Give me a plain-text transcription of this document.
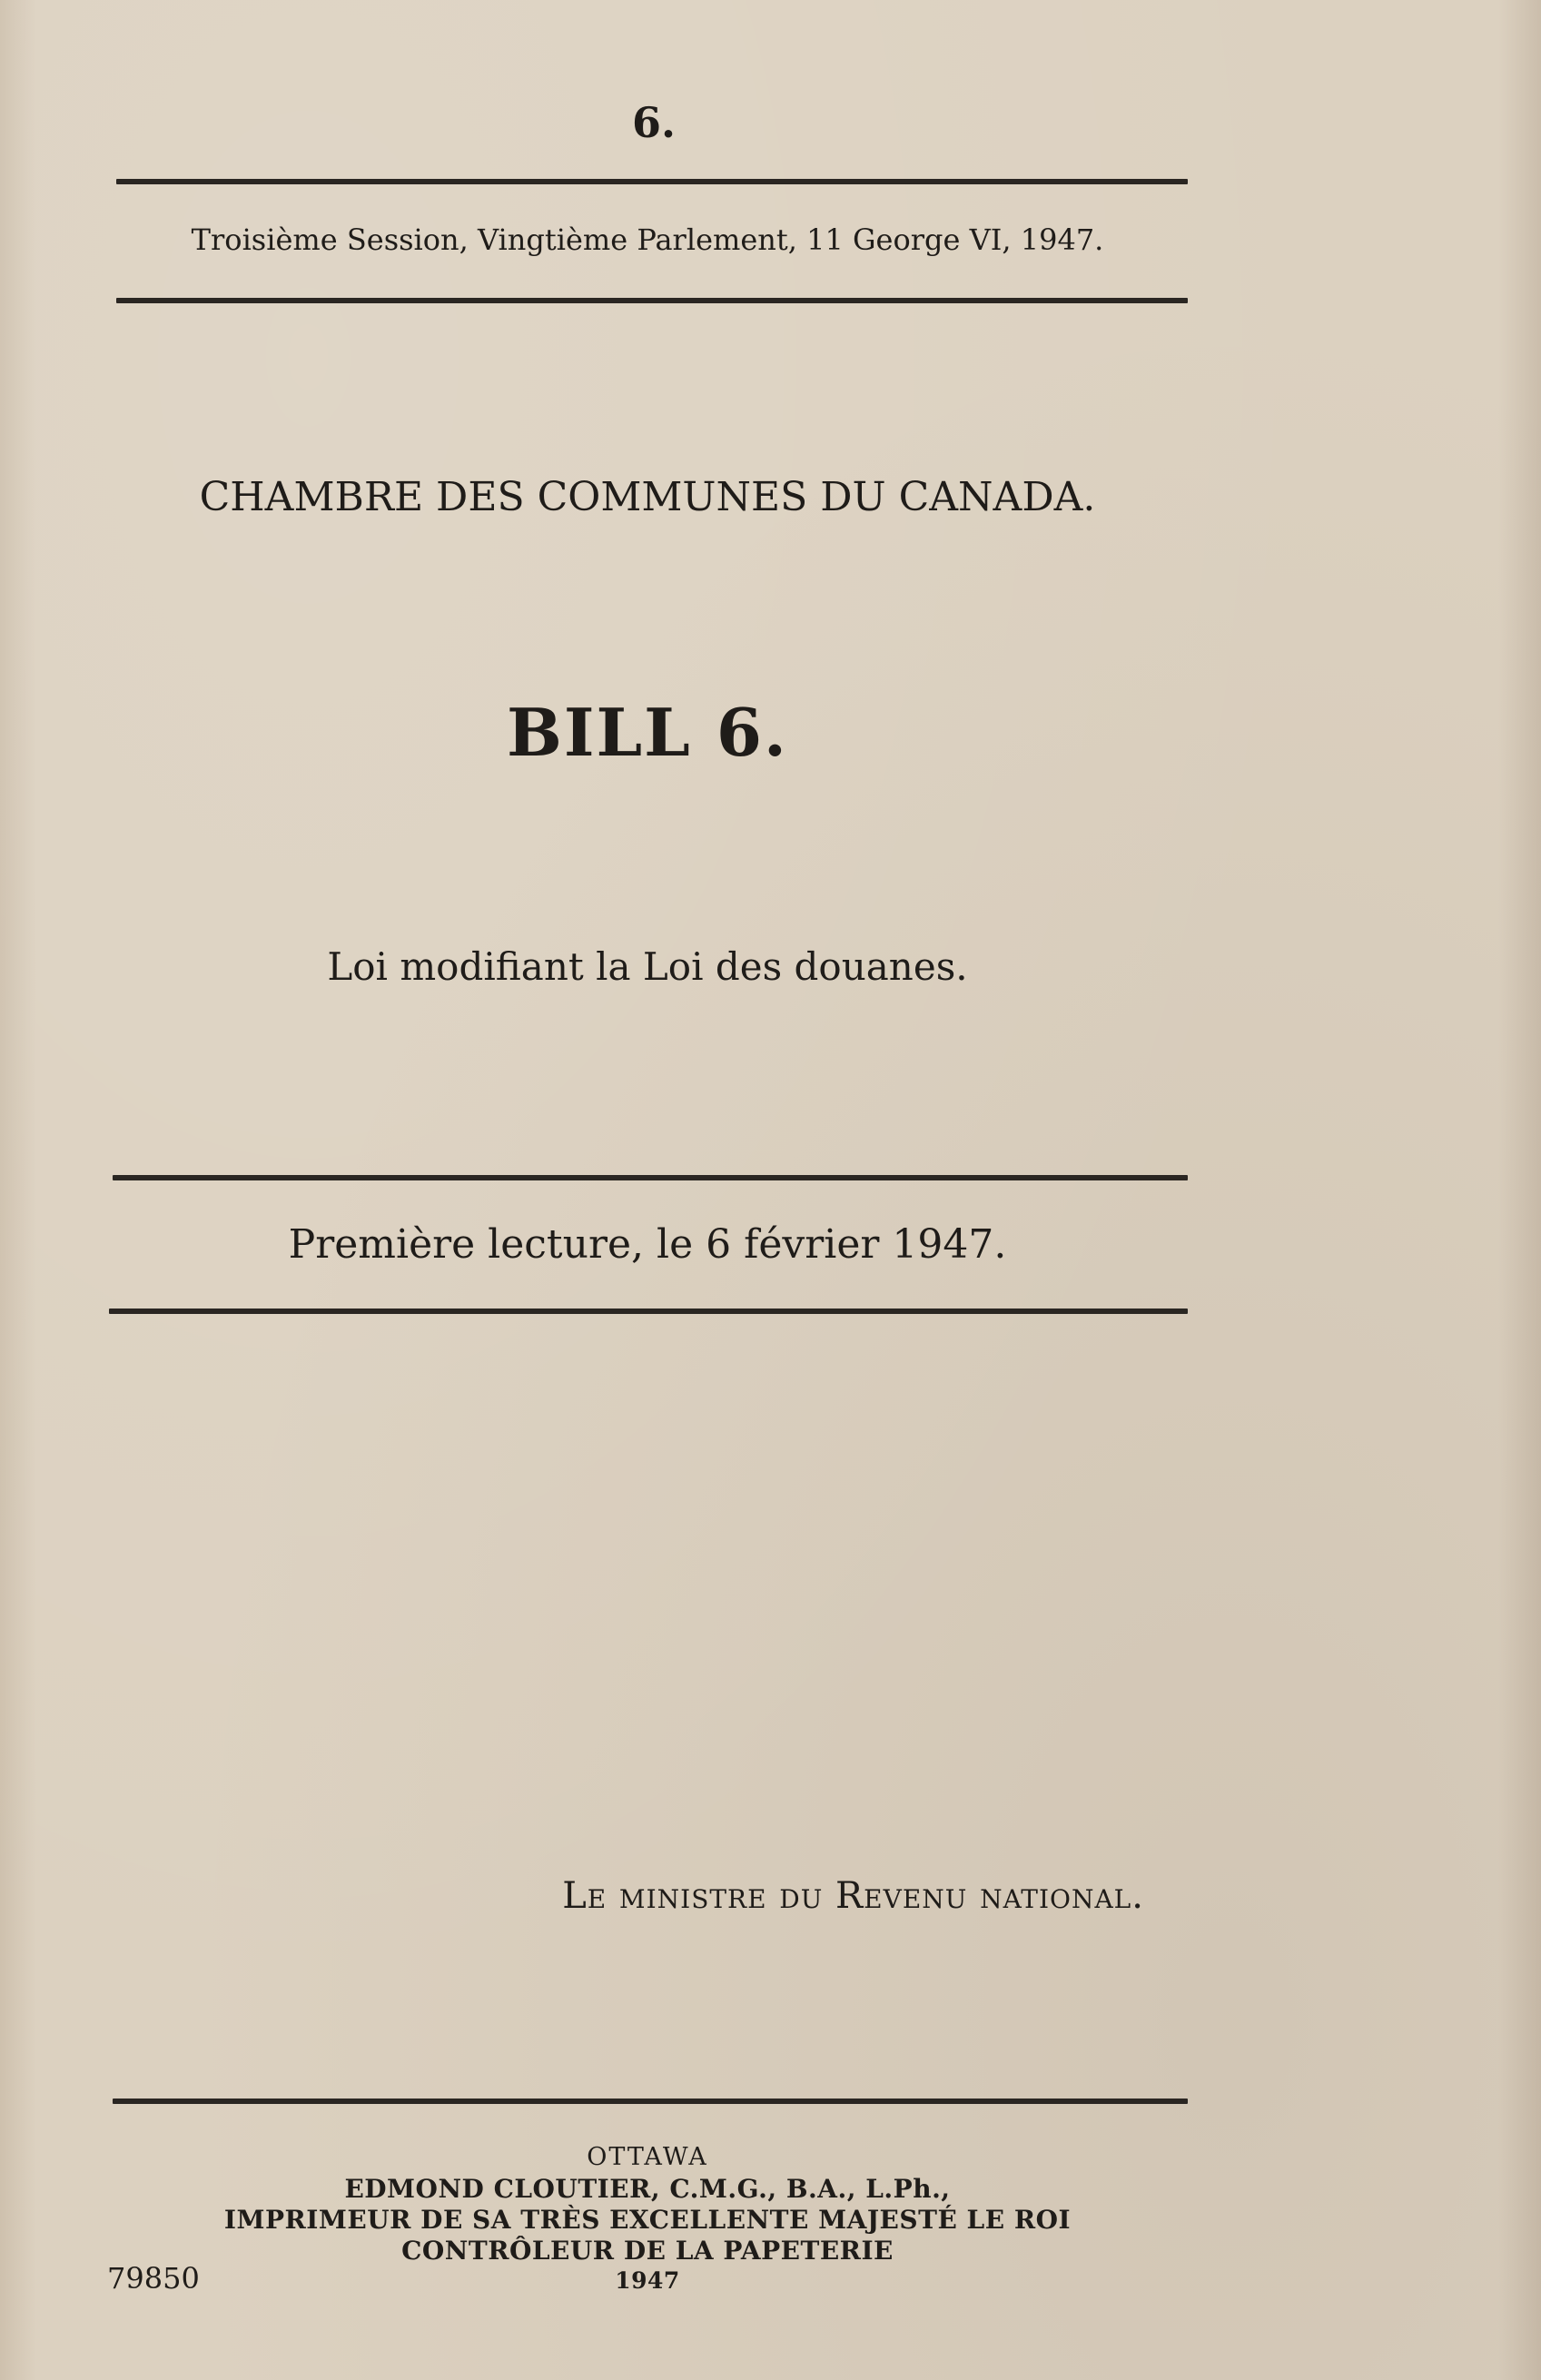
6.
Troisième Session, Vingtième Parlement, 11 George VI, 1947.
CHAMBRE DES COMMUNES DU CANADA.
BILL 6.
Loi modifiant la Loi des douanes.
Première lecture, le 6 février 1947.
Le ministre du Revenu national.
OTTAWA
EDMOND CLOUTIER, C.M.G., B.A., L.Ph.,
IMPRIMEUR DE SA TRÈS EXCELLENTE MAJESTÉ LE ROI
CONTRÔLEUR DE LA PAPETERIE
1947
79850
